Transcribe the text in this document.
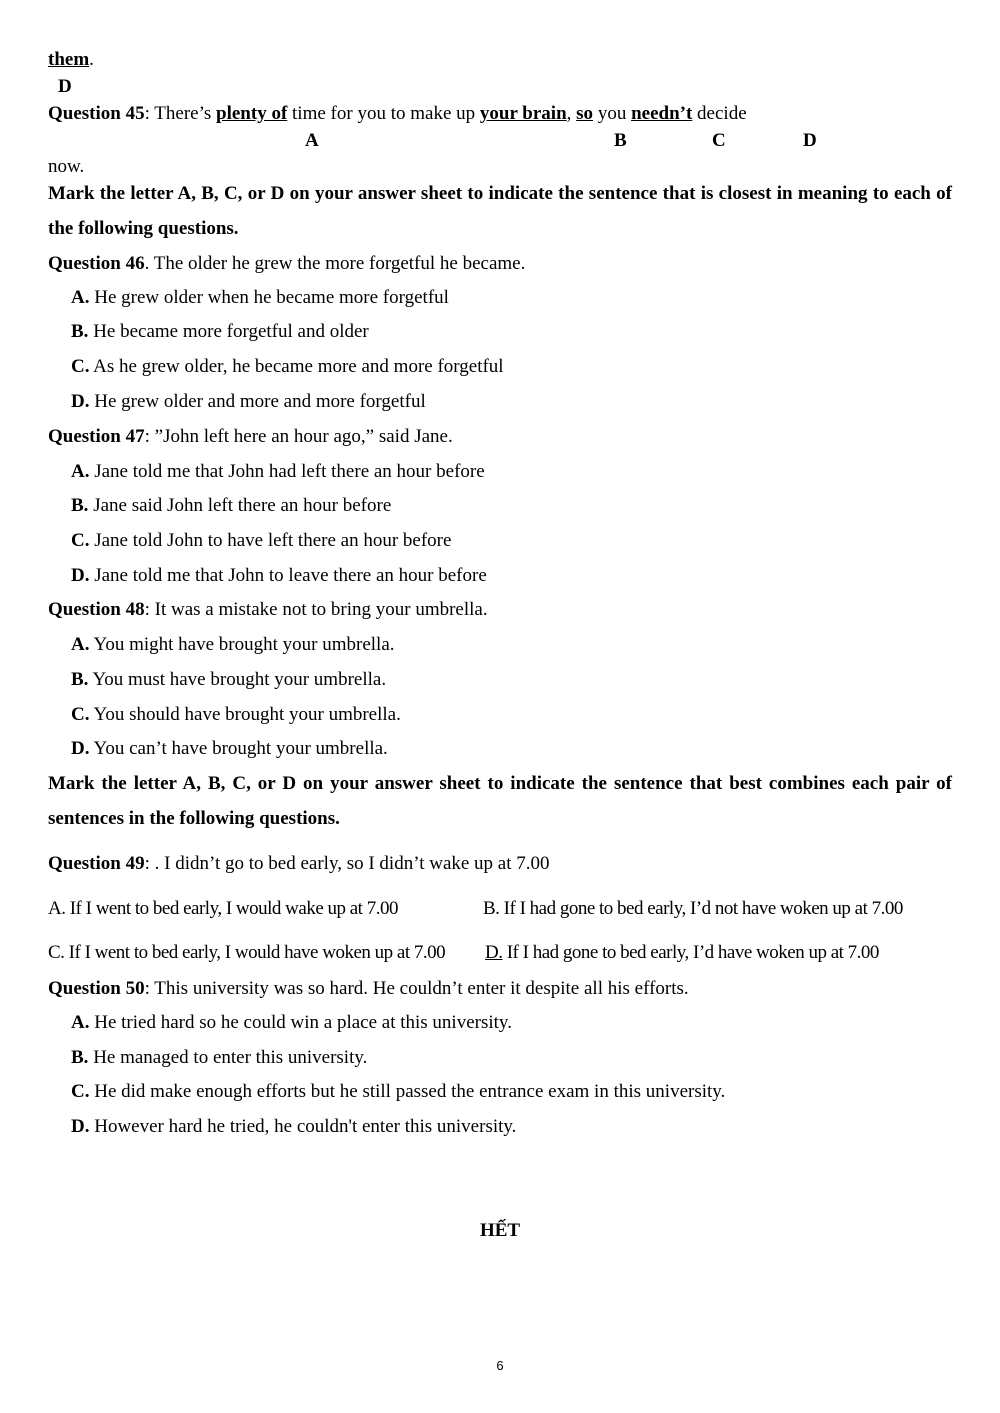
them.
D
Question 45: There’s plenty of time for you to make up your brain, so you needn’t decide
A	B	C	D
now.
Mark the letter A, B, C, or D on your answer sheet to indicate the sentence that is closest in meaning to each of the following questions.
Question 46. The older he grew the more forgetful he became.
A. He grew older when he became more forgetful
B. He became more forgetful and older
C. As he grew older, he became more and more forgetful
D. He grew older and more and more forgetful
Question 47: ”John left here an hour ago,” said Jane.
A. Jane told me that John had left there an hour before
B. Jane said John left there an hour before
C. Jane told John to have left there an hour before
D. Jane told me that John to leave there an hour before
Question 48: It was a mistake not to bring your umbrella.
A. You might have brought your umbrella.
B. You must have brought your umbrella.
C. You should have brought your umbrella.
D. You can’t have brought your umbrella.
Mark the letter A, B, C, or D on your answer sheet to indicate the sentence that best combines each pair of sentences in the following questions.
Question 49: . I didn’t go to bed early, so I didn’t wake up at 7.00
A. If I went to bed early, I would wake up at 7.00	B. If I had gone to bed early, I’d not have woken up at 7.00
C. If I went to bed early, I would have woken up at 7.00 D. If I had gone to bed early, I’d have woken up at 7.00
Question 50: This university was so hard. He couldn’t enter it despite all his efforts.
A. He tried hard so he could win a place at this university.
B. He managed to enter this university.
C. He did make enough efforts but he still passed the entrance exam in this university.
D. However hard he tried, he couldn't enter this university.
HẾT
6
